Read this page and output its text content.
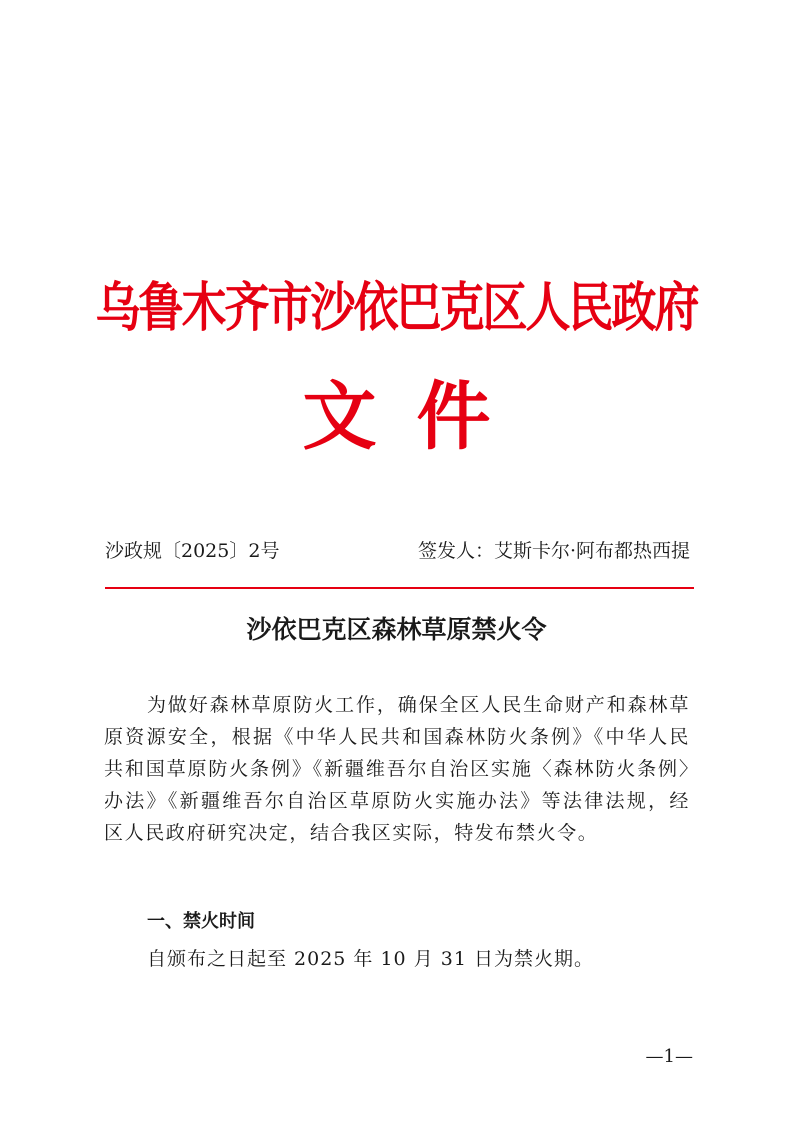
乌鲁木齐市沙依巴克区人民政府
文件
沙政规〔2025〕2号	签发人：艾斯卡尔·阿布都热西提
沙依巴克区森林草原禁火令
为做好森林草原防火工作，确保全区人民生命财产和森林草原资源安全，根据《中华人民共和国森林防火条例》《中华人民共和国草原防火条例》《新疆维吾尔自治区实施〈森林防火条例〉办法》《新疆维吾尔自治区草原防火实施办法》等法律法规，经区人民政府研究决定，结合我区实际，特发布禁火令。
一、禁火时间
自颁布之日起至 2025 年 10 月 31 日为禁火期。
—1—
